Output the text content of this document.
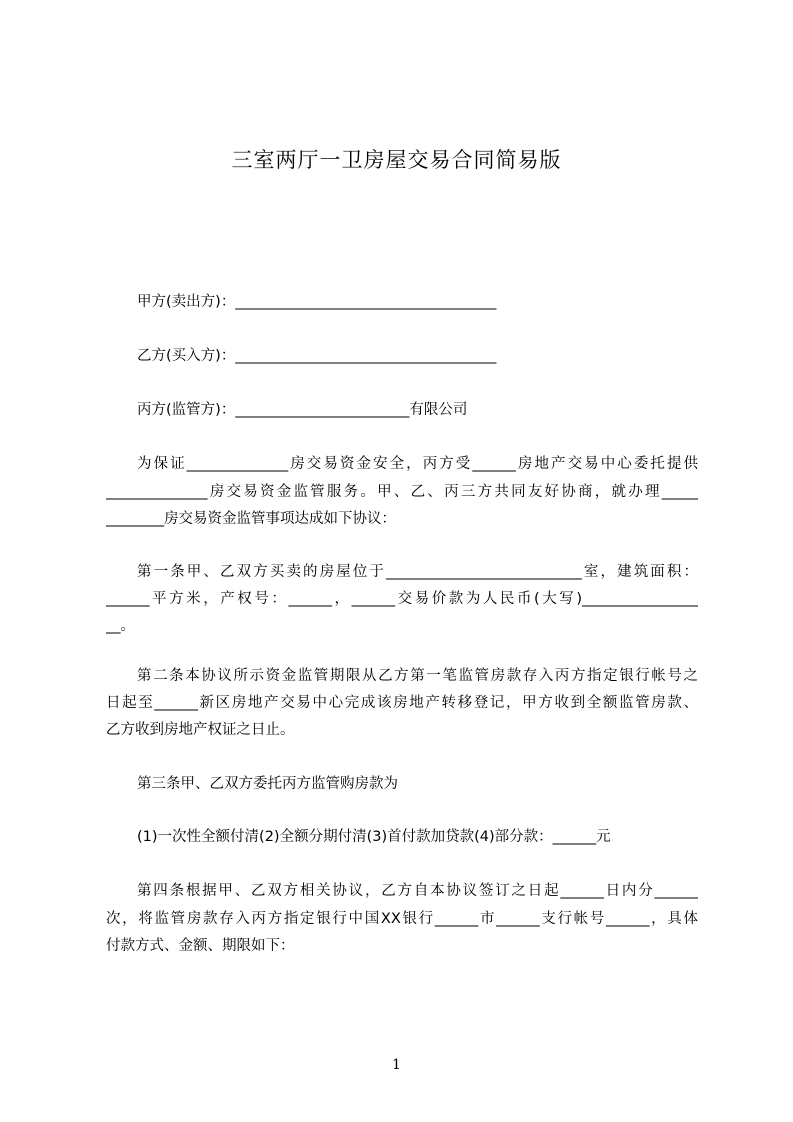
三室两厅一卫房屋交易合同简易版
甲方(卖出方)：____________________________________
乙方(买入方)：____________________________________
丙方(监管方)：________________________有限公司
为保证______________房交易资金安全，丙方受______房地产交易中心委托提供
______________房交易资金监管服务。甲、乙、丙三方共同友好协商，就办理_____
________房交易资金监管事项达成如下协议：
第一条甲、乙双方买卖的房屋位于___________________________室，建筑面积：
______平方米，产权号：______，______交易价款为人民币(大写)________________
__。
第二条本协议所示资金监管期限从乙方第一笔监管房款存入丙方指定银行帐号之
日起至______新区房地产交易中心完成该房地产转移登记，甲方收到全额监管房款、
乙方收到房地产权证之日止。
第三条甲、乙双方委托丙方监管购房款为
(1)一次性全额付清(2)全额分期付清(3)首付款加贷款(4)部分款：______元
第四条根据甲、乙双方相关协议，乙方自本协议签订之日起______日内分______
次，将监管房款存入丙方指定银行中国XX银行______市______支行帐号______，具体
付款方式、金额、期限如下：
1
